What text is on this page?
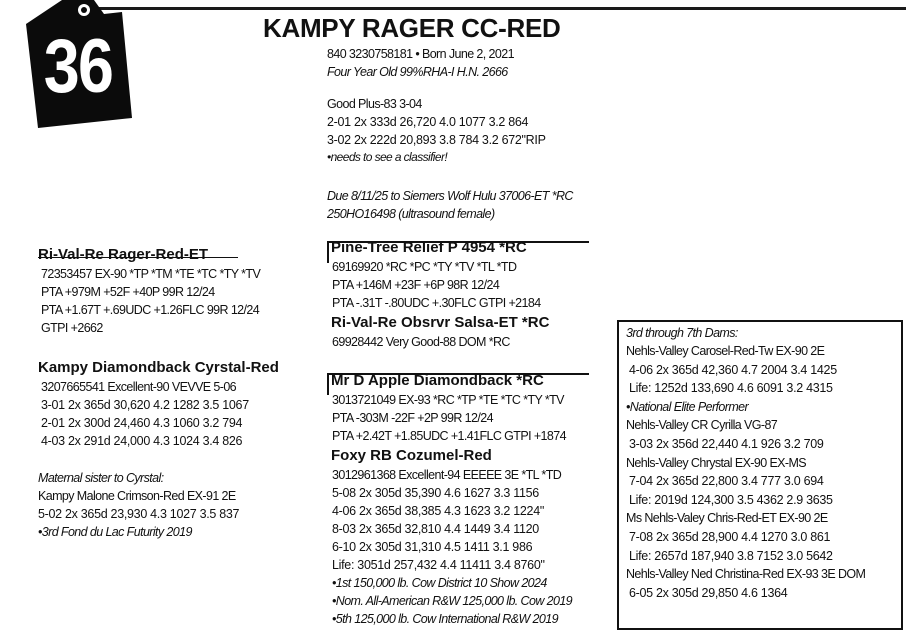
36	KAMPY RAGER CC-RED
840 3230758181 • Born June 2, 2021
Four Year Old 99%RHA-I H.N. 2666
Good Plus-83 3-04
2-01 2x 333d 26,720 4.0 1077 3.2 864
3-02 2x 222d 20,893 3.8 784 3.2 672"RIP
•needs to see a classifier!
Due 8/11/25 to Siemers Wolf Hulu 37006-ET *RC
250HO16498 (ultrasound female)
Ri-Val-Re Rager-Red-ET
72353457 EX-90 *TP *TM *TE *TC *TY *TV
PTA +979M +52F +40P 99R 12/24
PTA +1.67T +.69UDC +1.26FLC 99R 12/24
GTPI +2662
Kampy Diamondback Cyrstal-Red
3207665541 Excellent-90 VEVVE 5-06
3-01 2x 365d 30,620 4.2 1282 3.5 1067
2-01 2x 300d 24,460 4.3 1060 3.2 794
4-03 2x 291d 24,000 4.3 1024 3.4 826
Maternal sister to Cyrstal:
Kampy Malone Crimson-Red EX-91 2E
5-02 2x 365d 23,930 4.3 1027 3.5 837
•3rd Fond du Lac Futurity 2019
Pine-Tree Relief P 4954 *RC
69169920 *RC *PC *TY *TV *TL *TD
PTA +146M +23F +6P 98R 12/24
PTA -.31T -.80UDC +.30FLC GTPI +2184
Ri-Val-Re Obsrvr Salsa-ET *RC
69928442 Very Good-88 DOM *RC
Mr D Apple Diamondback *RC
3013721049 EX-93 *RC *TP *TE *TC *TY *TV
PTA -303M -22F +2P 99R 12/24
PTA +2.42T +1.85UDC +1.41FLC GTPI +1874
Foxy RB Cozumel-Red
3012961368 Excellent-94 EEEEE 3E *TL *TD
5-08 2x 305d 35,390 4.6 1627 3.3 1156
4-06 2x 365d 38,385 4.3 1623 3.2 1224"
8-03 2x 365d 32,810 4.4 1449 3.4 1120
6-10 2x 305d 31,310 4.5 1411 3.1 986
Life: 3051d 257,432 4.4 11411 3.4 8760"
•1st 150,000 lb. Cow District 10 Show 2024
•Nom. All-American R&W 125,000 lb. Cow 2019
•5th 125,000 lb. Cow International R&W 2019
3rd through 7th Dams:
Nehls-Valley Carosel-Red-Tw EX-90 2E
4-06 2x 365d 42,360 4.7 2004 3.4 1425
Life: 1252d 133,690 4.6 6091 3.2 4315
•National Elite Performer
Nehls-Valley CR Cyrilla VG-87
3-03 2x 356d 22,440 4.1 926 3.2 709
Nehls-Valley Chrystal EX-90 EX-MS
7-04 2x 365d 22,800 3.4 777 3.0 694
Life: 2019d 124,300 3.5 4362 2.9 3635
Ms Nehls-Valey Chris-Red-ET EX-90 2E
7-08 2x 365d 28,900 4.4 1270 3.0 861
Life: 2657d 187,940 3.8 7152 3.0 5642
Nehls-Valley Ned Christina-Red EX-93 3E DOM
6-05 2x 305d 29,850 4.6 1364
